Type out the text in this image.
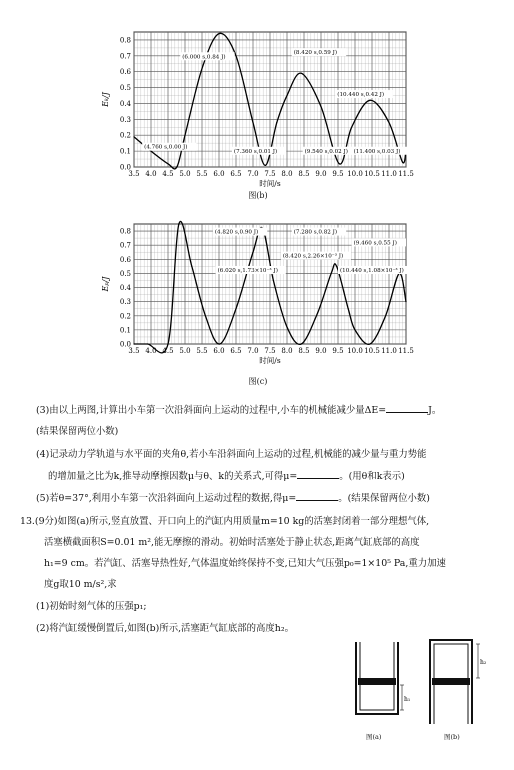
3.5 4.0 4.5 5.0 5.5 6.0 6.5 7.0 7.5 8.0 8.5 9.0 9.5 10.0 10.5 11.0 11.5
0.0
0.1
0.2
0.3
0.4
0.5
0.6
0.7
0.8
时间/s
Eₖ/J
(6.000 s,0.84 J)
(8.420 s,0.59 J)
(10.440 s,0.42 J)
(4.760 s,0.00 J)
(7.360 s,0.01 J)	(9.540 s,0.02 J) (11.400 s,0.03 J)
图(b)
3.5 4.0 4.5 5.0 5.5 6.0 6.5 7.0 7.5 8.0 8.5 9.0 9.5 10.0 10.5 11.0 11.5
0.0
0.1
0.2
0.3
0.4
0.5
0.6
0.7
0.8
时间/s
Eₚ/J
(4.820 s,0.90 J)	(7.280 s,0.82 J)
(9.460 s,0.55 J)
(6.020 s,1.73×10⁻³ J)
(8.420 s,2.26×10⁻³ J)
(10.440 s,1.08×10⁻³ J)
图(c)
(3)由以上两图,计算出小车第一次沿斜面向上运动的过程中,小车的机械能减少量ΔE=	J。
(结果保留两位小数)
(4)记录动力学轨道与水平面的夹角θ,若小车沿斜面向上运动的过程,机械能的减少量与重力势能
的增加量之比为k,推导动摩擦因数μ与θ、k的关系式,可得μ=	。(用θ和k表示)
(5)若θ=37°,利用小车第一次沿斜面向上运动过程的数据,得μ=	。(结果保留两位小数)
13.(9分)如图(a)所示,竖直放置、开口向上的汽缸内用质量m=10 kg的活塞封闭着一部分理想气体,
活塞横截面积S=0.01 m²,能无摩擦的滑动。初始时活塞处于静止状态,距离气缸底部的高度
h₁=9 cm。若汽缸、活塞导热性好,气体温度始终保持不变,已知大气压强p₀=1×10⁵ Pa,重力加速
度g取10 m/s²,求
(1)初始时刻气体的压强p₁;
(2)将汽缸缓慢倒置后,如图(b)所示,活塞距气缸底部的高度h₂。
h₁
图(a)
h₂
图(b)
